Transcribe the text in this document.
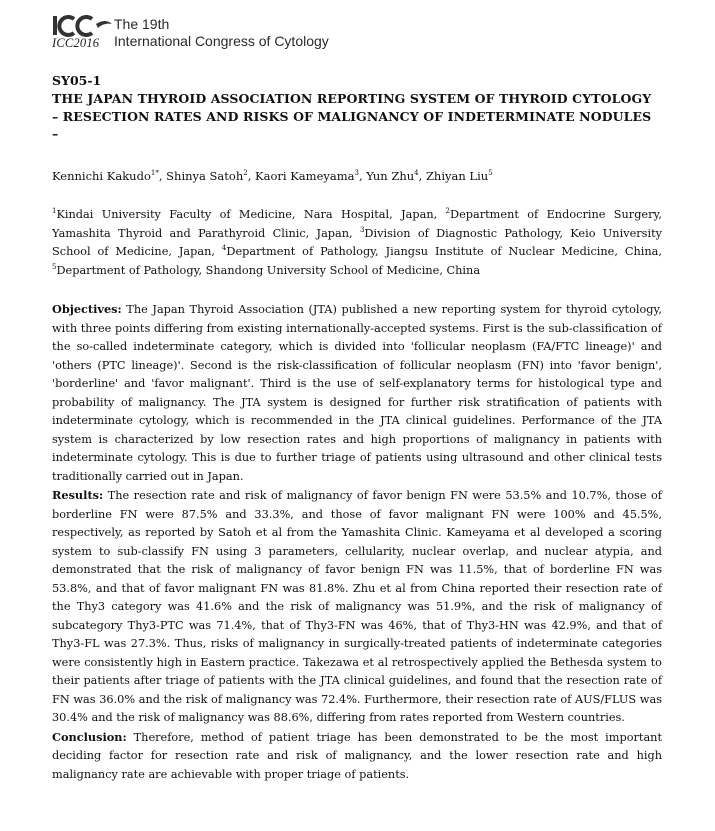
ICC2016
The 19th
International Congress of Cytology
SY05-1
THE JAPAN THYROID ASSOCIATION REPORTING SYSTEM OF THYROID CYTOLOGY – RESECTION RATES AND RISKS OF MALIGNANCY OF INDETERMINATE NODULES –
Kennichi Kakudo$^{1*}$, Shinya Satoh$^2$, Kaori Kameyama$^3$, Yun Zhu$^4$, Zhiyan Liu$^5$
$^1$Kindai University Faculty of Medicine, Nara Hospital, Japan, $^2$Department of Endocrine Surgery, Yamashita Thyroid and Parathyroid Clinic, Japan, $^3$Division of Diagnostic Pathology, Keio University School of Medicine, Japan, $^4$Department of Pathology, Jiangsu Institute of Nuclear Medicine, China, $^5$Department of Pathology, Shandong University School of Medicine, China

Objectives: The Japan Thyroid Association (JTA) published a new reporting system for thyroid cytology, with three points differing from existing internationally-accepted systems. First is the sub-classification of the so-called indeterminate category, which is divided into 'follicular neoplasm (FA/FTC lineage)' and 'others (PTC lineage)'. Second is the risk-classification of follicular neoplasm (FN) into 'favor benign', 'borderline' and 'favor malignant'. Third is the use of self-explanatory terms for histological type and probability of malignancy. The JTA system is designed for further risk stratification of patients with indeterminate cytology, which is recommended in the JTA clinical guidelines. Performance of the JTA system is characterized by low resection rates and high proportions of malignancy in patients with indeterminate cytology. This is due to further triage of patients using ultrasound and other clinical tests traditionally carried out in Japan.

Results: The resection rate and risk of malignancy of favor benign FN were 53.5% and 10.7%, those of borderline FN were 87.5% and 33.3%, and those of favor malignant FN were 100% and 45.5%, respectively, as reported by Satoh et al from the Yamashita Clinic. Kameyama et al developed a scoring system to sub-classify FN using 3 parameters, cellularity, nuclear overlap, and nuclear atypia, and demonstrated that the risk of malignancy of favor benign FN was 11.5%, that of borderline FN was 53.8%, and that of favor malignant FN was 81.8%. Zhu et al from China reported their resection rate of the Thy3 category was 41.6% and the risk of malignancy was 51.9%, and the risk of malignancy of subcategory Thy3-PTC was 71.4%, that of Thy3-FN was 46%, that of Thy3-HN was 42.9%, and that of Thy3-FL was 27.3%. Thus, risks of malignancy in surgically-treated patients of indeterminate categories were consistently high in Eastern practice. Takezawa et al retrospectively applied the Bethesda system to their patients after triage of patients with the JTA clinical guidelines, and found that the resection rate of FN was 36.0% and the risk of malignancy was 72.4%. Furthermore, their resection rate of AUS/FLUS was 30.4% and the risk of malignancy was 88.6%, differing from rates reported from Western countries.

Conclusion: Therefore, method of patient triage has been demonstrated to be the most important deciding factor for resection rate and risk of malignancy, and the lower resection rate and high malignancy rate are achievable with proper triage of patients.
